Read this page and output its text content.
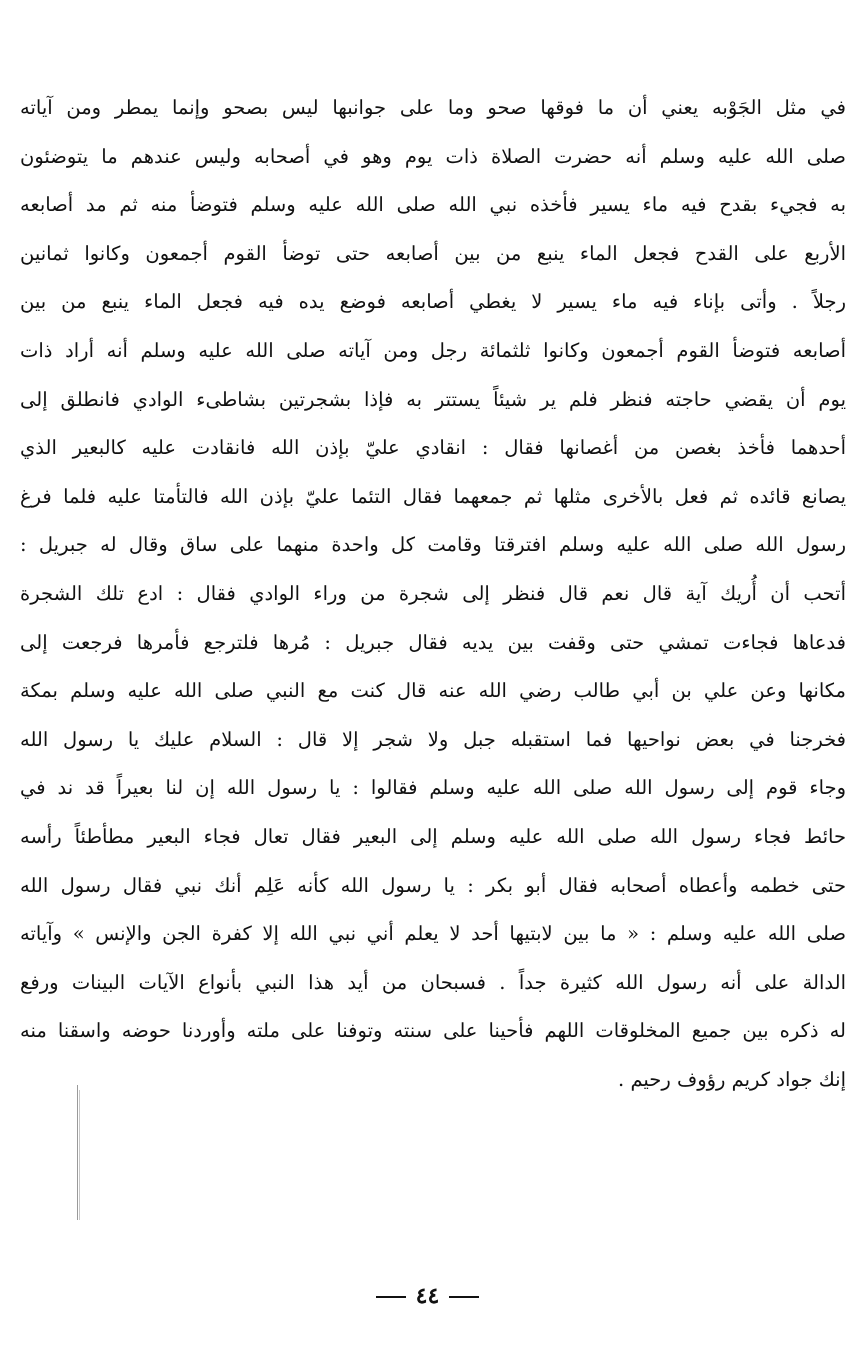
في مثل الجَوْبه يعني أن ما فوقها صحو وما على جوانبها ليس بصحو وإنما يمطر ومن آياته
صلى الله عليه وسلم أنه حضرت الصلاة ذات يوم وهو في أصحابه وليس عندهم ما يتوضئون
به فجيء بقدح فيه ماء يسير فأخذه نبي الله صلى الله عليه وسلم فتوضأ منه ثم مد أصابعه
الأربع على القدح فجعل الماء ينبع من بين أصابعه حتى توضأ القوم أجمعون وكانوا ثمانين
رجلاً . وأتى بإناء فيه ماء يسير لا يغطي أصابعه فوضع يده فيه فجعل الماء ينبع من بين
أصابعه فتوضأ القوم أجمعون وكانوا ثلثمائة رجل ومن آياته صلى الله عليه وسلم أنه أراد ذات
يوم أن يقضي حاجته فنظر فلم ير شيئاً يستتر به فإذا بشجرتين بشاطىء الوادي فانطلق إلى
أحدهما فأخذ بغصن من أغصانها فقال : انقادي عليّ بإذن الله فانقادت عليه كالبعير الذي
يصانع قائده ثم فعل بالأخرى مثلها ثم جمعهما فقال التئما عليّ بإذن الله فالتأمتا عليه فلما فرغ
رسول الله صلى الله عليه وسلم افترقتا وقامت كل واحدة منهما على ساق وقال له جبريل :
أتحب أن أُريك آية قال نعم قال فنظر إلى شجرة من وراء الوادي فقال : ادع تلك الشجرة
فدعاها فجاءت تمشي حتى وقفت بين يديه فقال جبريل : مُرها فلترجع فأمرها فرجعت إلى
مكانها وعن علي بن أبي طالب رضي الله عنه قال كنت مع النبي صلى الله عليه وسلم بمكة
فخرجنا في بعض نواحيها فما استقبله جبل ولا شجر إلا قال : السلام عليك يا رسول الله
وجاء قوم إلى رسول الله صلى الله عليه وسلم فقالوا : يا رسول الله إن لنا بعيراً قد ند في
حائط فجاء رسول الله صلى الله عليه وسلم إلى البعير فقال تعال فجاء البعير مطأطئاً رأسه
حتى خطمه وأعطاه أصحابه فقال أبو بكر : يا رسول الله كأنه عَلِم أنك نبي فقال رسول الله
صلى الله عليه وسلم : « ما بين لابتيها أحد لا يعلم أني نبي الله إلا كفرة الجن والإنس » وآياته
الدالة على أنه رسول الله كثيرة جداً . فسبحان من أيد هذا النبي بأنواع الآيات البينات ورفع
له ذكره بين جميع المخلوقات اللهم فأحينا على سنته وتوفنا على ملته وأوردنا حوضه واسقنا منه
إنك جواد كريم رؤوف رحيم .
٤٤
